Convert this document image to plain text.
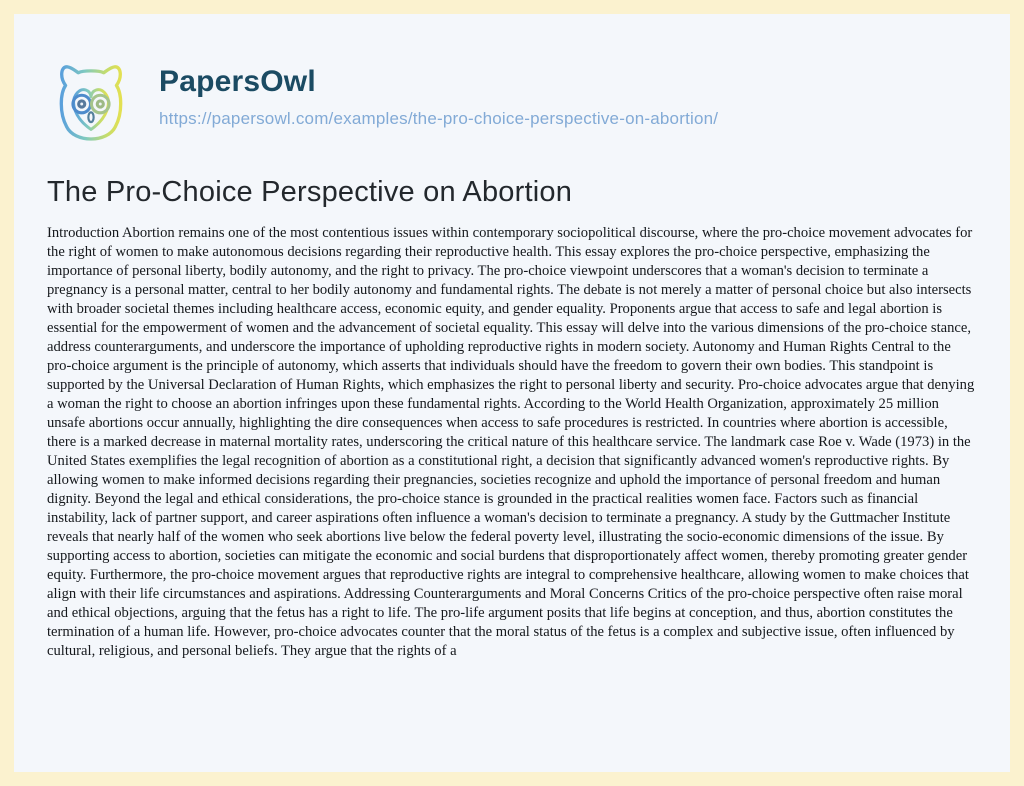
PapersOwl
https://papersowl.com/examples/the-pro-choice-perspective-on-abortion/
The Pro-Choice Perspective on Abortion

Introduction Abortion remains one of the most contentious issues within contemporary sociopolitical discourse, where the pro-choice movement advocates for the right of women to make autonomous decisions regarding their reproductive health. This essay explores the pro-choice perspective, emphasizing the importance of personal liberty, bodily autonomy, and the right to privacy. The pro-choice viewpoint underscores that a woman's decision to terminate a pregnancy is a personal matter, central to her bodily autonomy and fundamental rights. The debate is not merely a matter of personal choice but also intersects with broader societal themes including healthcare access, economic equity, and gender equality. Proponents argue that access to safe and legal abortion is essential for the empowerment of women and the advancement of societal equality. This essay will delve into the various dimensions of the pro-choice stance, address counterarguments, and underscore the importance of upholding reproductive rights in modern society. Autonomy and Human Rights Central to the pro-choice argument is the principle of autonomy, which asserts that individuals should have the freedom to govern their own bodies. This standpoint is supported by the Universal Declaration of Human Rights, which emphasizes the right to personal liberty and security. Pro-choice advocates argue that denying a woman the right to choose an abortion infringes upon these fundamental rights. According to the World Health Organization, approximately 25 million unsafe abortions occur annually, highlighting the dire consequences when access to safe procedures is restricted. In countries where abortion is accessible, there is a marked decrease in maternal mortality rates, underscoring the critical nature of this healthcare service. The landmark case Roe v. Wade (1973) in the United States exemplifies the legal recognition of abortion as a constitutional right, a decision that significantly advanced women's reproductive rights. By allowing women to make informed decisions regarding their pregnancies, societies recognize and uphold the importance of personal freedom and human dignity. Beyond the legal and ethical considerations, the pro-choice stance is grounded in the practical realities women face. Factors such as financial instability, lack of partner support, and career aspirations often influence a woman's decision to terminate a pregnancy. A study by the Guttmacher Institute reveals that nearly half of the women who seek abortions live below the federal poverty level, illustrating the socio-economic dimensions of the issue. By supporting access to abortion, societies can mitigate the economic and social burdens that disproportionately affect women, thereby promoting greater gender equity. Furthermore, the pro-choice movement argues that reproductive rights are integral to comprehensive healthcare, allowing women to make choices that align with their life circumstances and aspirations. Addressing Counterarguments and Moral Concerns Critics of the pro-choice perspective often raise moral and ethical objections, arguing that the fetus has a right to life. The pro-life argument posits that life begins at conception, and thus, abortion constitutes the termination of a human life. However, pro-choice advocates counter that the moral status of the fetus is a complex and subjective issue, often influenced by cultural, religious, and personal beliefs. They argue that the rights of a
